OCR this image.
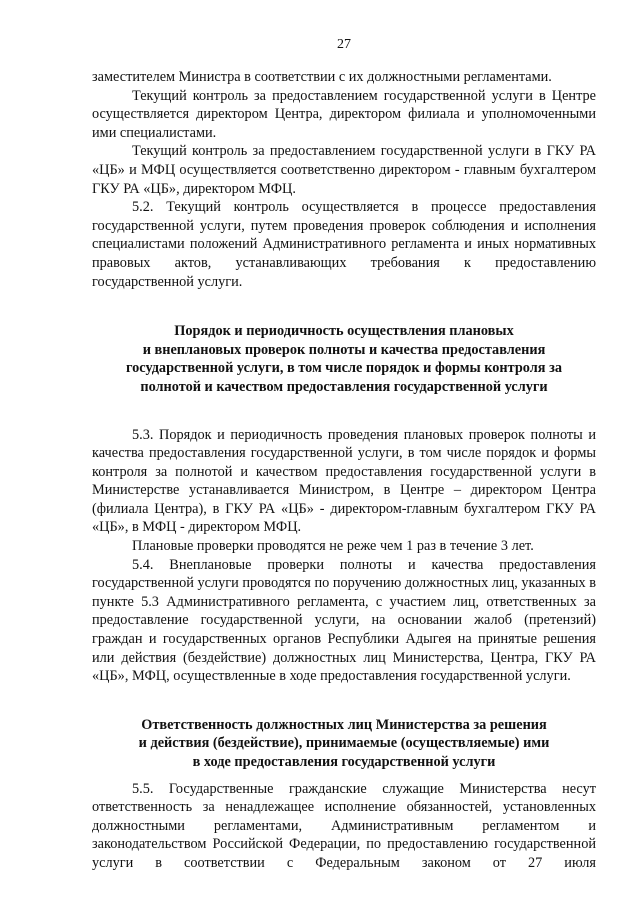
27

заместителем Министра в соответствии с их должностными регламентами.

Текущий контроль за предоставлением государственной услуги в Центре осуществляется директором Центра, директором филиала и уполномоченными ими специалистами.

Текущий контроль за предоставлением государственной услуги в ГКУ РА «ЦБ» и МФЦ осуществляется соответственно директором - главным бухгалтером ГКУ РА «ЦБ», директором МФЦ.

5.2. Текущий контроль осуществляется в процессе предоставления государственной услуги, путем проведения проверок соблюдения и исполнения специалистами положений Административного регламента и иных нормативных правовых актов, устанавливающих требования к предоставлению государственной услуги.

Порядок и периодичность осуществления плановых

и внеплановых проверок полноты и качества предоставления

государственной услуги, в том числе порядок и формы контроля за

полнотой и качеством предоставления государственной услуги

5.3. Порядок и периодичность проведения плановых проверок полноты и качества предоставления государственной услуги, в том числе порядок и формы контроля за полнотой и качеством предоставления государственной услуги в Министерстве устанавливается Министром, в Центре – директором Центра (филиала Центра), в ГКУ РА «ЦБ» - директором-главным бухгалтером ГКУ РА «ЦБ», в МФЦ - директором МФЦ.

Плановые проверки проводятся не реже чем 1 раз в течение 3 лет.

5.4. Внеплановые проверки полноты и качества предоставления государственной услуги проводятся по поручению должностных лиц, указанных в пункте 5.3 Административного регламента, с участием лиц, ответственных за предоставление государственной услуги, на основании жалоб (претензий) граждан и государственных органов Республики Адыгея на принятые решения или действия (бездействие) должностных лиц Министерства, Центра, ГКУ РА «ЦБ», МФЦ, осуществленные в ходе предоставления государственной услуги.

Ответственность должностных лиц Министерства за решения

и действия (бездействие), принимаемые (осуществляемые) ими

в ходе предоставления государственной услуги

5.5. Государственные гражданские служащие Министерства несут ответственность за ненадлежащее исполнение обязанностей, установленных должностными регламентами, Административным регламентом и законодательством Российской Федерации, по предоставлению государственной услуги в соответствии с Федеральным законом от 27 июля
